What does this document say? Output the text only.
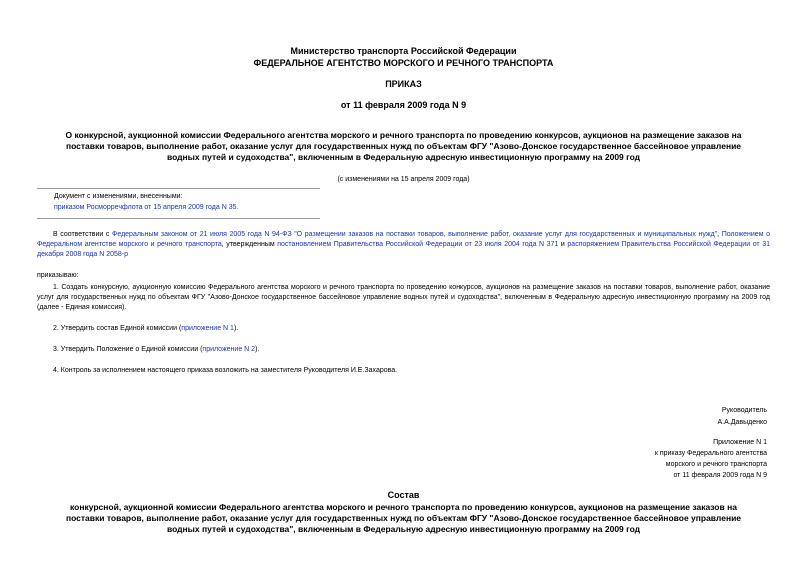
Министерство транспорта Российской Федерации
ФЕДЕРАЛЬНОЕ АГЕНТСТВО МОРСКОГО И РЕЧНОГО ТРАНСПОРТА
ПРИКАЗ
от 11 февраля 2009 года N 9
О конкурсной, аукционной комиссии Федерального агентства морского и речного транспорта по проведению конкурсов, аукционов на размещение заказов на
поставки товаров, выполнение работ, оказание услуг для государственных нужд по объектам ФГУ "Азово-Донское государственное бассейновое управление
водных путей и судоходства", включенным в Федеральную адресную инвестиционную программу на 2009 год
(с изменениями на 15 апреля 2009 года)
Документ с изменениями, внесенными:
приказом Росморречфлота от 15 апреля 2009 года N 35.
В соответствии с Федеральным законом от 21 июля 2005 года N 94-ФЗ "О размещении заказов на поставки товаров, выполнение работ, оказание услуг для государственных и муниципальных нужд", Положением о Федеральном агентстве морского и речного транспорта, утвержденным постановлением Правительства Российской Федерации от 23 июля 2004 года N 371 и распоряжением Правительства Российской Федерации от 31 декабря 2008 года N 2058-р
приказываю:
1. Создать конкурсную, аукционную комиссию Федерального агентства морского и речного транспорта по проведению конкурсов, аукционов на размещение заказов на поставки товаров, выполнение работ, оказание услуг для государственных нужд по объектам ФГУ "Азово-Донское государственное бассейновое управление водных путей и судоходства", включенным в Федеральную адресную инвестиционную программу на 2009 год (далее - Единая комиссия).
2. Утвердить состав Единой комиссии (приложение N 1).
3. Утвердить Положение о Единой комиссии (приложение N 2).
4. Контроль за исполнением настоящего приказа возложить на заместителя Руководителя И.Е.Захарова.
Руководитель
А.А.Давыденко
Приложение N 1
к приказу Федерального агентства
морского и речного транспорта
от 11 февраля 2009 года N 9
Состав
конкурсной, аукционной комиссии Федерального агентства морского и речного транспорта по проведению конкурсов, аукционов на размещение заказов на
поставки товаров, выполнение работ, оказание услуг для государственных нужд по объектам ФГУ "Азово-Донское государственное бассейновое управление
водных путей и судоходства", включенным в Федеральную адресную инвестиционную программу на 2009 год
